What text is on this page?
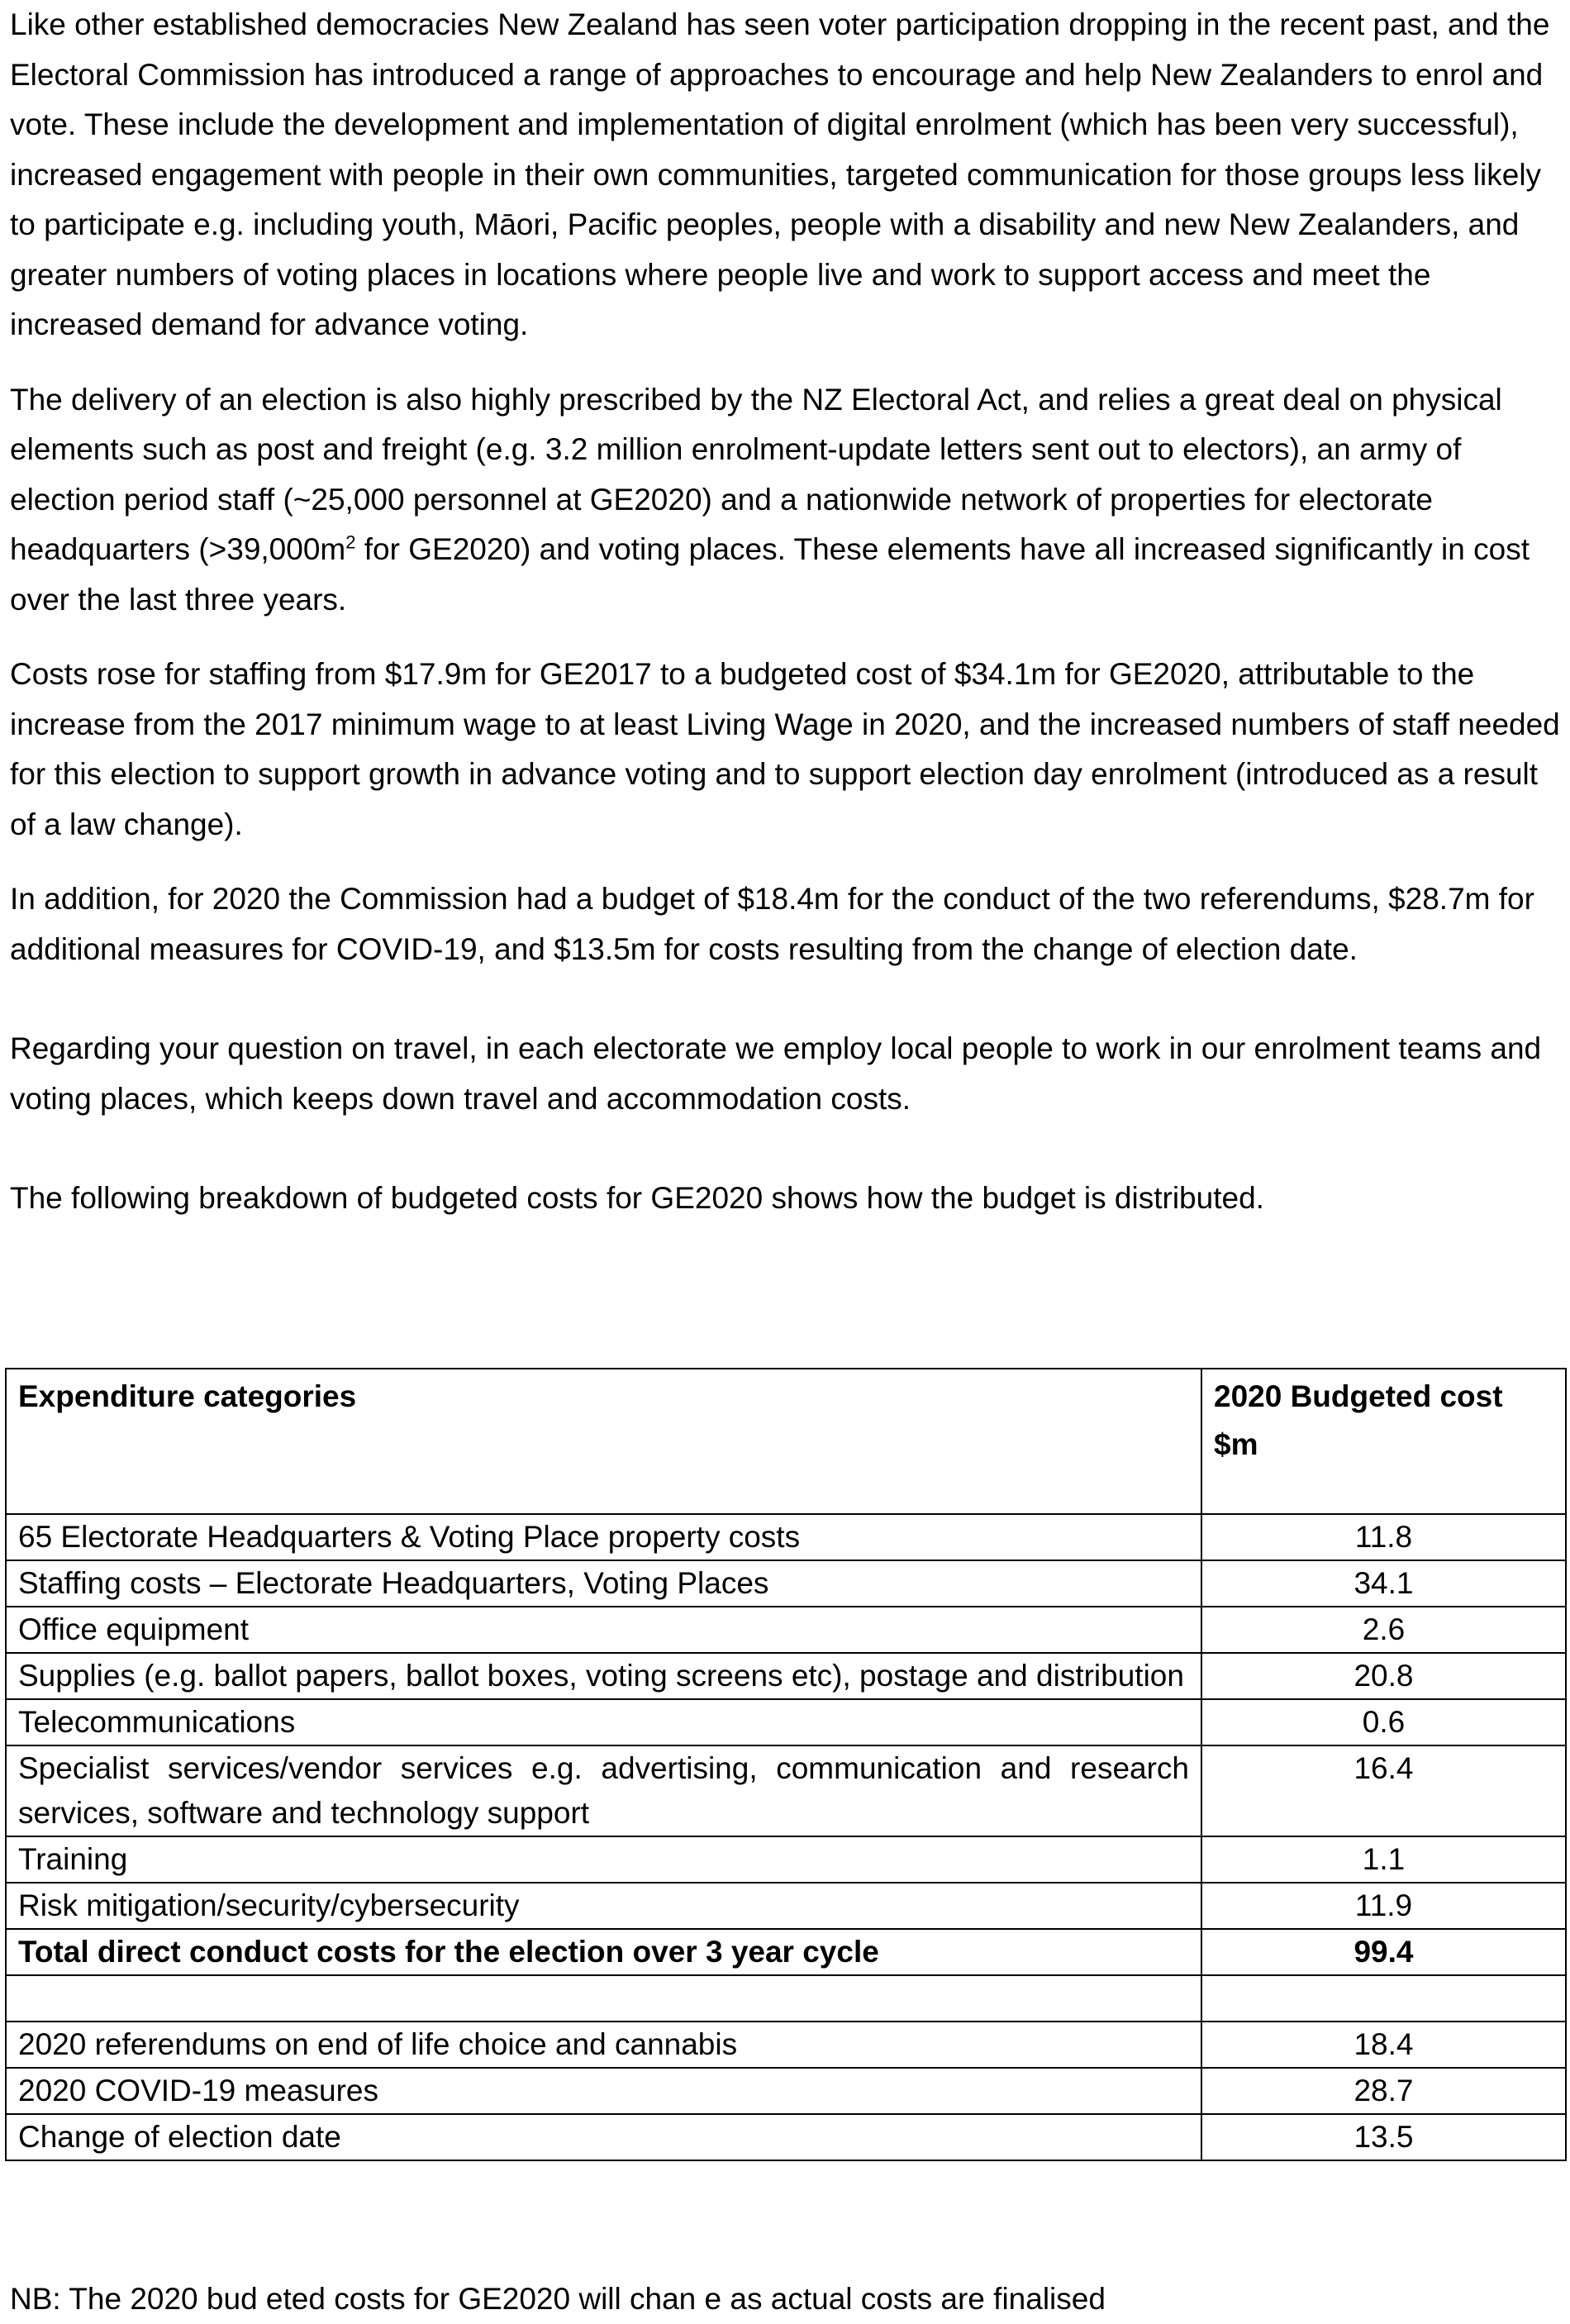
Like other established democracies New Zealand has seen voter participation dropping in the recent past, and the Electoral Commission has introduced a range of approaches to encourage and help New Zealanders to enrol and vote. These include the development and implementation of digital enrolment (which has been very successful), increased engagement with people in their own communities, targeted communication for those groups less likely to participate e.g. including youth, Māori, Pacific peoples, people with a disability and new New Zealanders, and greater numbers of voting places in locations where people live and work to support access and meet the increased demand for advance voting.

The delivery of an election is also highly prescribed by the NZ Electoral Act, and relies a great deal on physical elements such as post and freight (e.g. 3.2 million enrolment-update letters sent out to electors), an army of election period staff (~25,000 personnel at GE2020) and a nationwide network of properties for electorate headquarters ($>39,000m^2$ for GE2020) and voting places. These elements have all increased significantly in cost over the last three years.

Costs rose for staffing from $17.9m for GE2017 to a budgeted cost of $34.1m for GE2020, attributable to the increase from the 2017 minimum wage to at least Living Wage in 2020, and the increased numbers of staff needed for this election to support growth in advance voting and to support election day enrolment (introduced as a result of a law change).

In addition, for 2020 the Commission had a budget of $18.4m for the conduct of the two referendums, $28.7m for additional measures for COVID-19, and $13.5m for costs resulting from the change of election date.

Regarding your question on travel, in each electorate we employ local people to work in our enrolment teams and voting places, which keeps down travel and accommodation costs.

The following breakdown of budgeted costs for GE2020 shows how the budget is distributed.

Expenditure categories	2020 Budgeted cost $m
65 Electorate Headquarters & Voting Place property costs	11.8
Staffing costs – Electorate Headquarters, Voting Places	34.1
Office equipment	2.6
Supplies (e.g. ballot papers, ballot boxes, voting screens etc), postage and distribution	20.8
Telecommunications	0.6
Specialist services/vendor services e.g. advertising, communication and research services, software and technology support	16.4
Training	1.1
Risk mitigation/security/cybersecurity	11.9
Total direct conduct costs for the election over 3 year cycle	99.4

2020 referendums on end of life choice and cannabis	18.4
2020 COVID-19 measures	28.7
Change of election date	13.5

NB: The 2020 bud eted costs for GE2020 will chan e as actual costs are finalised
